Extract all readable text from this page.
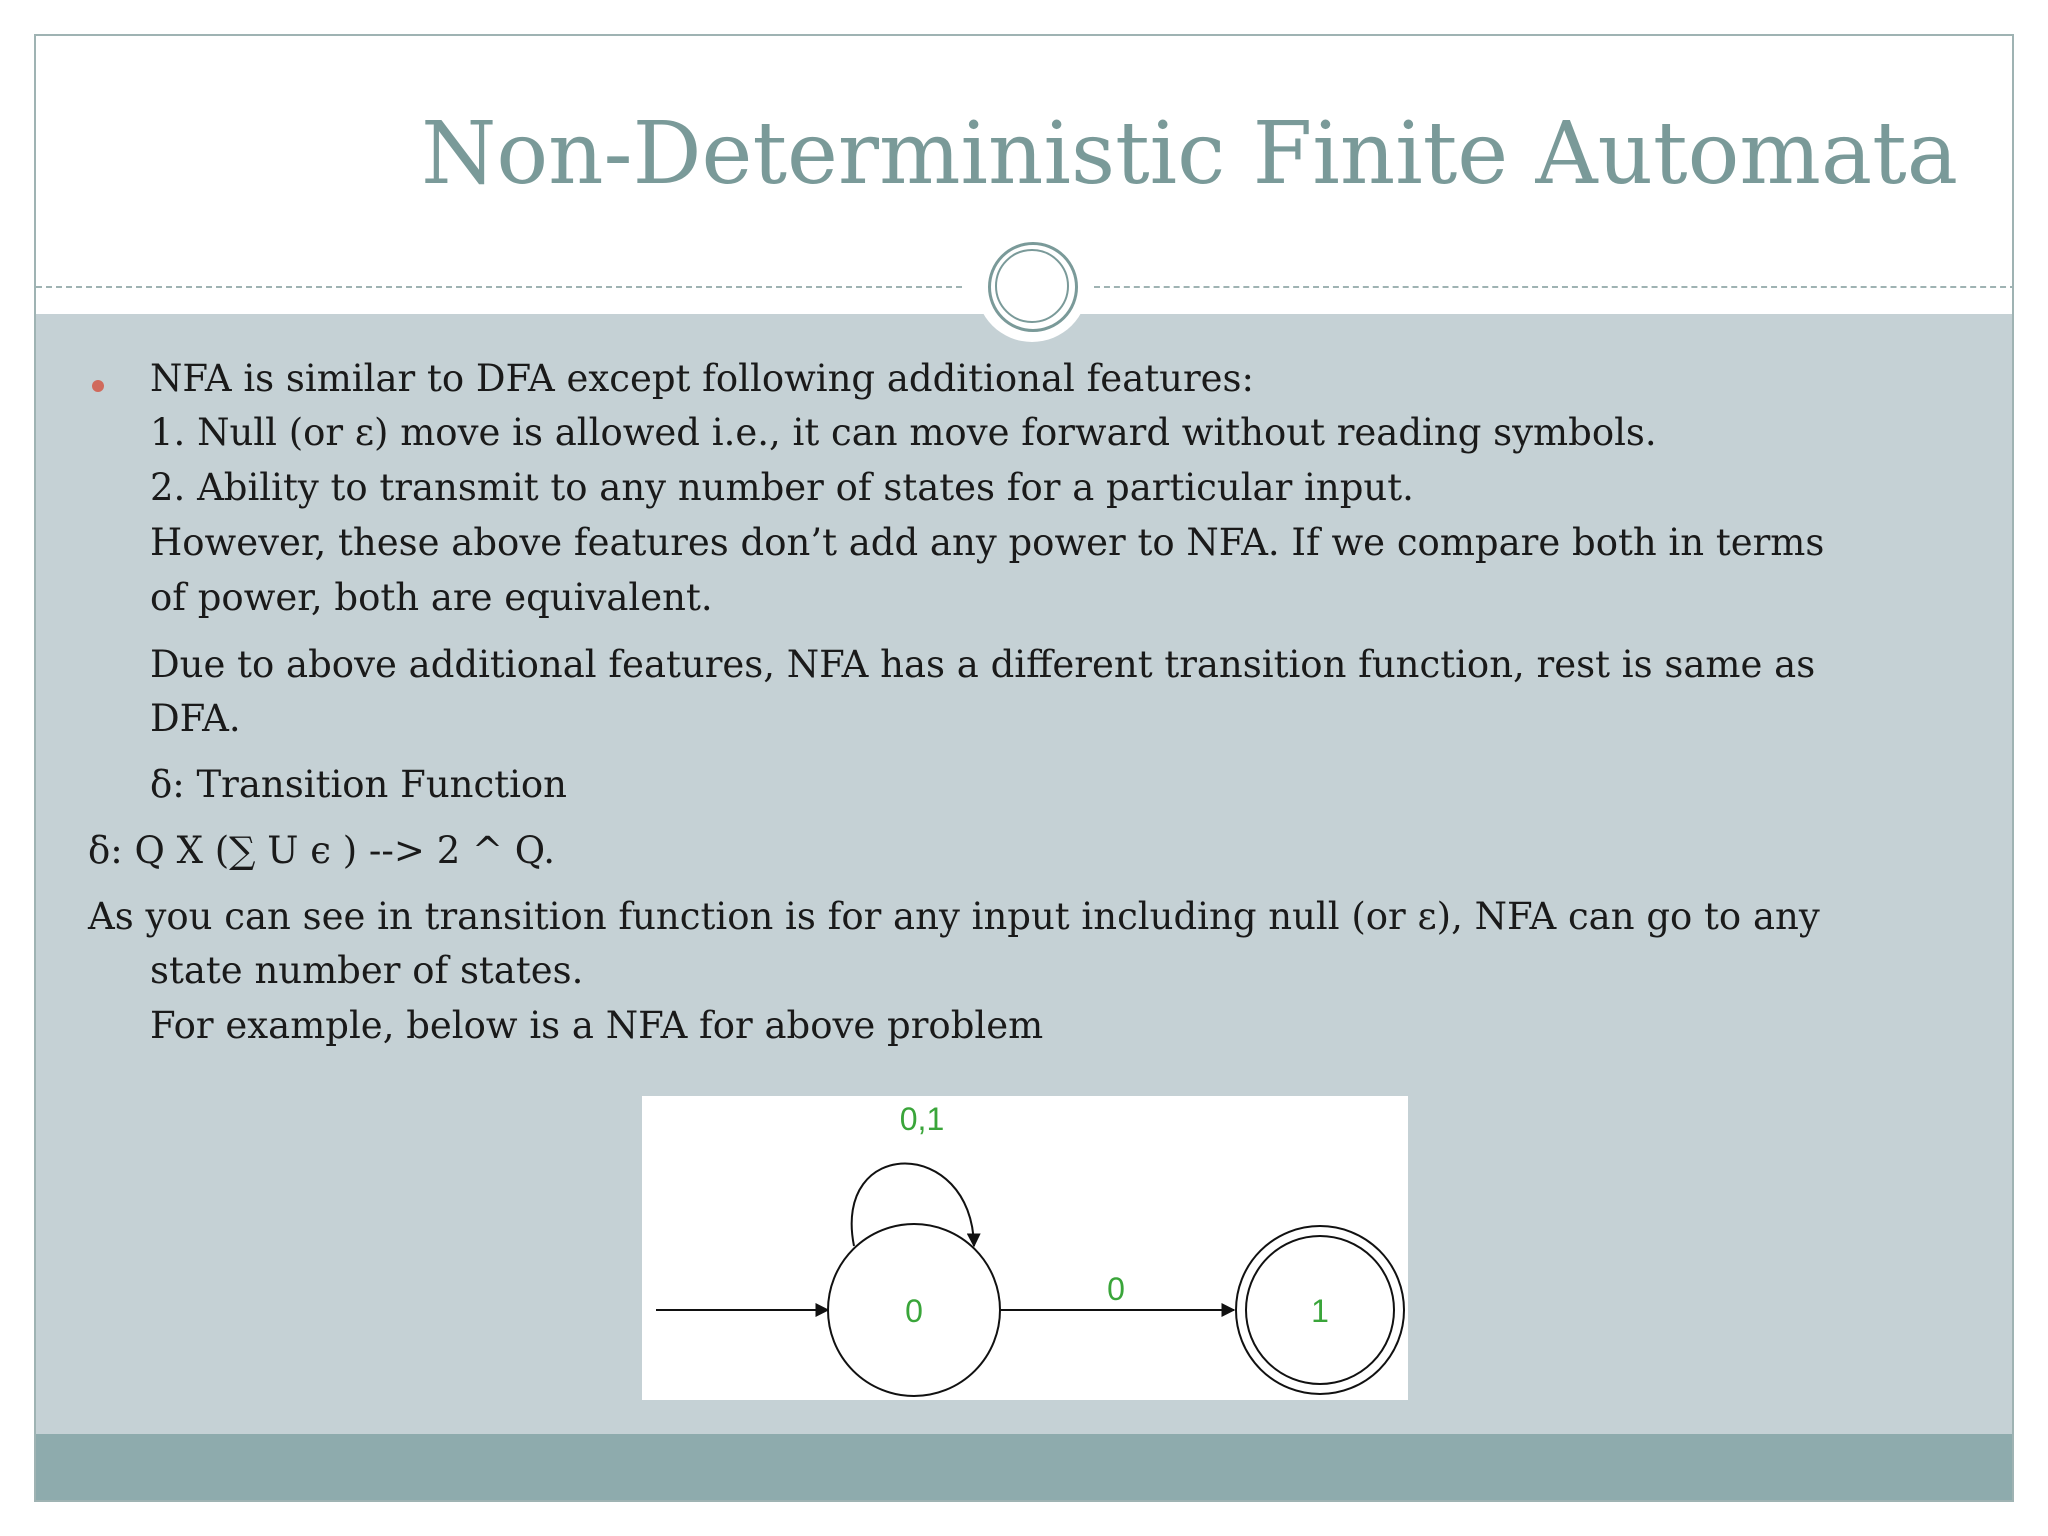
Non-Deterministic Finite Automata
NFA is similar to DFA except following additional features:
1. Null (or ε) move is allowed i.e., it can move forward without reading symbols.
2. Ability to transmit to any number of states for a particular input.
However, these above features don’t add any power to NFA. If we compare both in terms
of power, both are equivalent.
Due to above additional features, NFA has a different transition function, rest is same as
DFA.
δ: Transition Function
δ: Q X (∑ U ϵ ) --> 2 ^ Q.
As you can see in transition function is for any input including null (or ε), NFA can go to any
state number of states.
For example, below is a NFA for above problem
0,1
0
0
1
